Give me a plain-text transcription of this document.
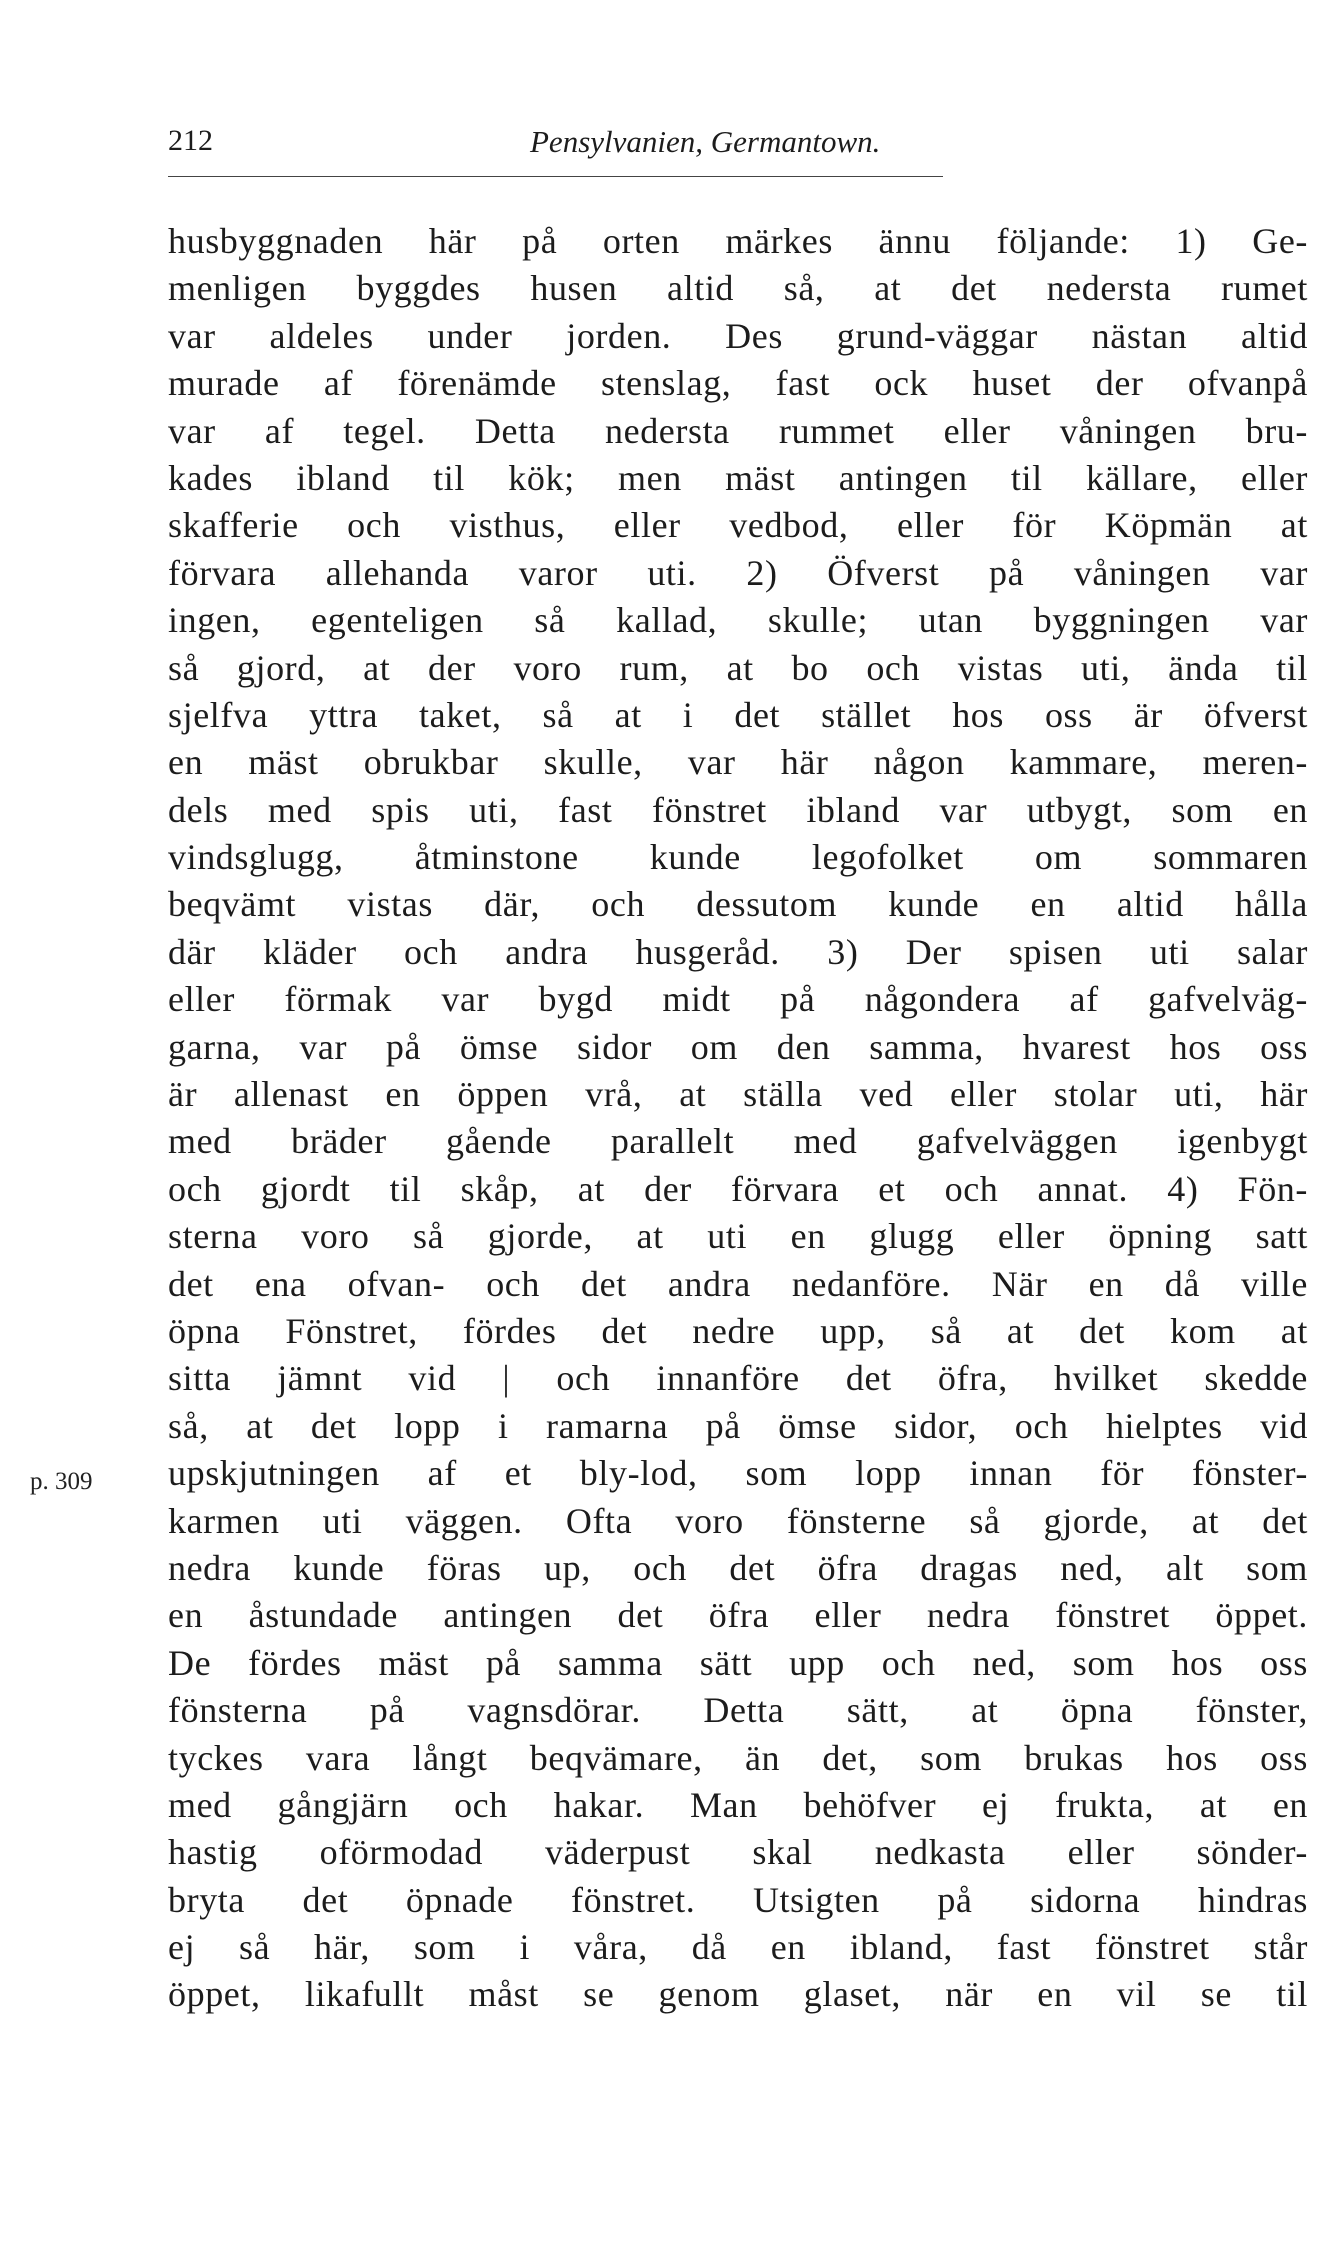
212	Pensylvanien, Germantown.
p. 309
husbyggnaden här på orten märkes ännu följande: 1) Ge-
menligen byggdes husen altid så, at det nedersta rumet
var aldeles under jorden. Des grund-väggar nästan altid
murade af förenämde stenslag, fast ock huset der ofvanpå
var af tegel. Detta nedersta rummet eller våningen bru-
kades ibland til kök; men mäst antingen til källare, eller
skafferie och visthus, eller vedbod, eller för Köpmän at
förvara allehanda varor uti. 2) Öfverst på våningen var
ingen, egenteligen så kallad, skulle; utan byggningen var
så gjord, at der voro rum, at bo och vistas uti, ända til
sjelfva yttra taket, så at i det stället hos oss är öfverst
en mäst obrukbar skulle, var här någon kammare, meren-
dels med spis uti, fast fönstret ibland var utbygt, som en
vindsglugg, åtminstone kunde legofolket om sommaren
beqvämt vistas där, och dessutom kunde en altid hålla
där kläder och andra husgeråd. 3) Der spisen uti salar
eller förmak var bygd midt på någondera af gafvelväg-
garna, var på ömse sidor om den samma, hvarest hos oss
är allenast en öppen vrå, at ställa ved eller stolar uti, här
med bräder gående parallelt med gafvelväggen igenbygt
och gjordt til skåp, at der förvara et och annat. 4) Fön-
sterna voro så gjorde, at uti en glugg eller öpning satt
det ena ofvan- och det andra nedanföre. När en då ville
öpna Fönstret, fördes det nedre upp, så at det kom at
sitta jämnt vid | och innanföre det öfra, hvilket skedde
så, at det lopp i ramarna på ömse sidor, och hielptes vid
upskjutningen af et bly-lod, som lopp innan för fönster-
karmen uti väggen. Ofta voro fönsterne så gjorde, at det
nedra kunde föras up, och det öfra dragas ned, alt som
en åstundade antingen det öfra eller nedra fönstret öppet.
De fördes mäst på samma sätt upp och ned, som hos oss
fönsterna på vagnsdörar. Detta sätt, at öpna fönster,
tyckes vara långt beqvämare, än det, som brukas hos oss
med gångjärn och hakar. Man behöfver ej frukta, at en
hastig oförmodad väderpust skal nedkasta eller sönder-
bryta det öpnade fönstret. Utsigten på sidorna hindras
ej så här, som i våra, då en ibland, fast fönstret står
öppet, likafullt måst se genom glaset, när en vil se til
